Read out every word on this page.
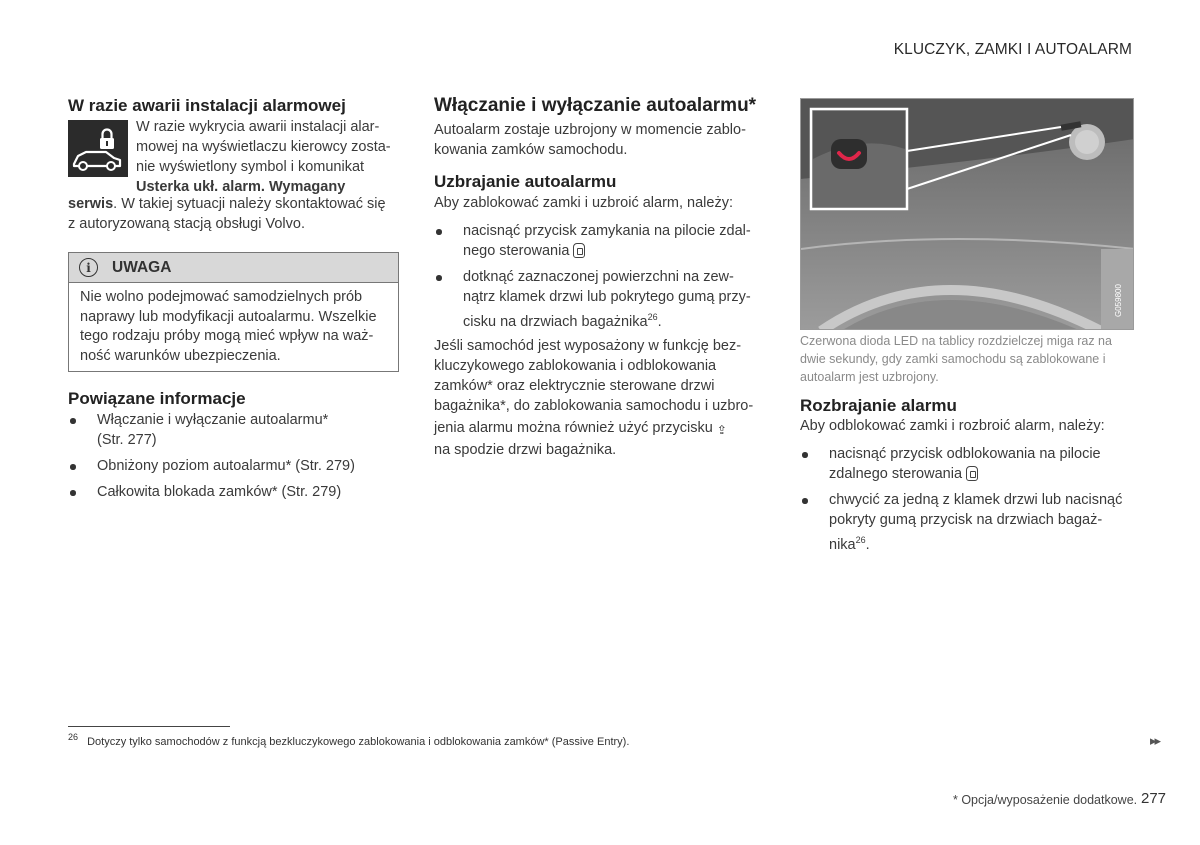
KLUCZYK, ZAMKI I AUTOALARM
W razie awarii instalacji alarmowej

W razie wykrycia awarii instalacji alar-

mowej na wyświetlaczu kierowcy zosta-

nie wyświetlony symbol i komunikat

Usterka ukł. alarm. Wymagany

serwis. W takiej sytuacji należy skontaktować się

z autoryzowaną stacją obsługi Volvo.

i	UWAGA
Nie wolno podejmować samodzielnych prób
naprawy lub modyfikacji autoalarmu. Wszelkie
tego rodzaju próby mogą mieć wpływ na waż-
ność warunków ubezpieczenia.
Powiązane informacje
Włączanie i wyłączanie autoalarmu*
(Str. 277)
Obniżony poziom autoalarmu* (Str. 279)
Całkowita blokada zamków* (Str. 279)
Włączanie i wyłączanie autoalarmu*

Autoalarm zostaje uzbrojony w momencie zablo-

kowania zamków samochodu.

Uzbrajanie autoalarmu

Aby zablokować zamki i uzbroić alarm, należy:

nacisnąć przycisk zamykania na pilocie zdal-
nego sterowania
dotknąć zaznaczonej powierzchni na zew-
nątrz klamek drzwi lub pokrytego gumą przy-
cisku na drzwiach bagażnika$^{26}$.

Jeśli samochód jest wyposażony w funkcję bez-

kluczykowego zablokowania i odblokowania

zamków* oraz elektrycznie sterowane drzwi

bagażnika*, do zablokowania samochodu i uzbro-

jenia alarmu można również użyć przycisku ⇪

na spodzie drzwi bagażnika.

G059800
Czerwona dioda LED na tablicy rozdzielczej miga raz na
dwie sekundy, gdy zamki samochodu są zablokowane i
autoalarm jest uzbrojony.
Rozbrajanie alarmu

Aby odblokować zamki i rozbroić alarm, należy:

nacisnąć przycisk odblokowania na pilocie
zdalnego sterowania
chwycić za jedną z klamek drzwi lub nacisnąć
pokryty gumą przycisk na drzwiach bagaż-
nika$^{26}$.
$^{26}$ Dotyczy tylko samochodów z funkcją bezkluczykowego zablokowania i odblokowania zamków* (Passive Entry).	▸▸
* Opcja/wyposażenie dodatkowe. 277
